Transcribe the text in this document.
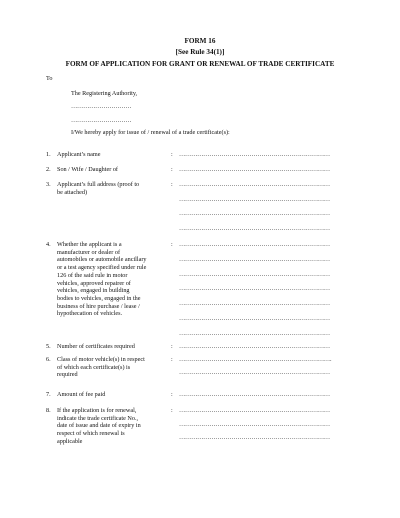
FORM 16
[See Rule 34(1)]
FORM OF APPLICATION FOR GRANT OR RENEWAL OF TRADE CERTIFICATE
To
The Registering Authority,
…………………………
…………………………
I/We hereby apply for issue of / renewal of a trade certificate(s):
1. Applicant’s name	: …………………………………………………………………
2. Son / Wife / Daughter of	: …………………………………………………………………
3. Applicant’s full address (proof to
be attached)
: …………………………………………………………………
…………………………………………………………………
…………………………………………………………………
…………………………………………………………………
4. Whether the applicant is a
manufacturer or dealer of
automobiles or automobile ancillary
or a test agency specified under rule
126 of the said rule in motor
vehicles, approved repairer of
vehicles, engaged in building
bodies to vehicles, engaged in the
business of hire purchase / lease /
hypothecation of vehicles.
: …………………………………………………………………
…………………………………………………………………
…………………………………………………………………
…………………………………………………………………
…………………………………………………………………
…………………………………………………………………
…………………………………………………………………
5. Number of certificates required	: …………………………………………………………………
6. Class of motor vehicle(s) in respect
of which each certificate(s) is
required
: ………………………………………………………………….
…………………………………………………………………
7. Amount of fee paid	: …………………………………………………………………
8. If the application is for renewal,
indicate the trade certificate No.,
date of issue and date of expiry in
respect of which renewal is
applicable
: …………………………………………………………………
…………………………………………………………………
…………………………………………………………………
